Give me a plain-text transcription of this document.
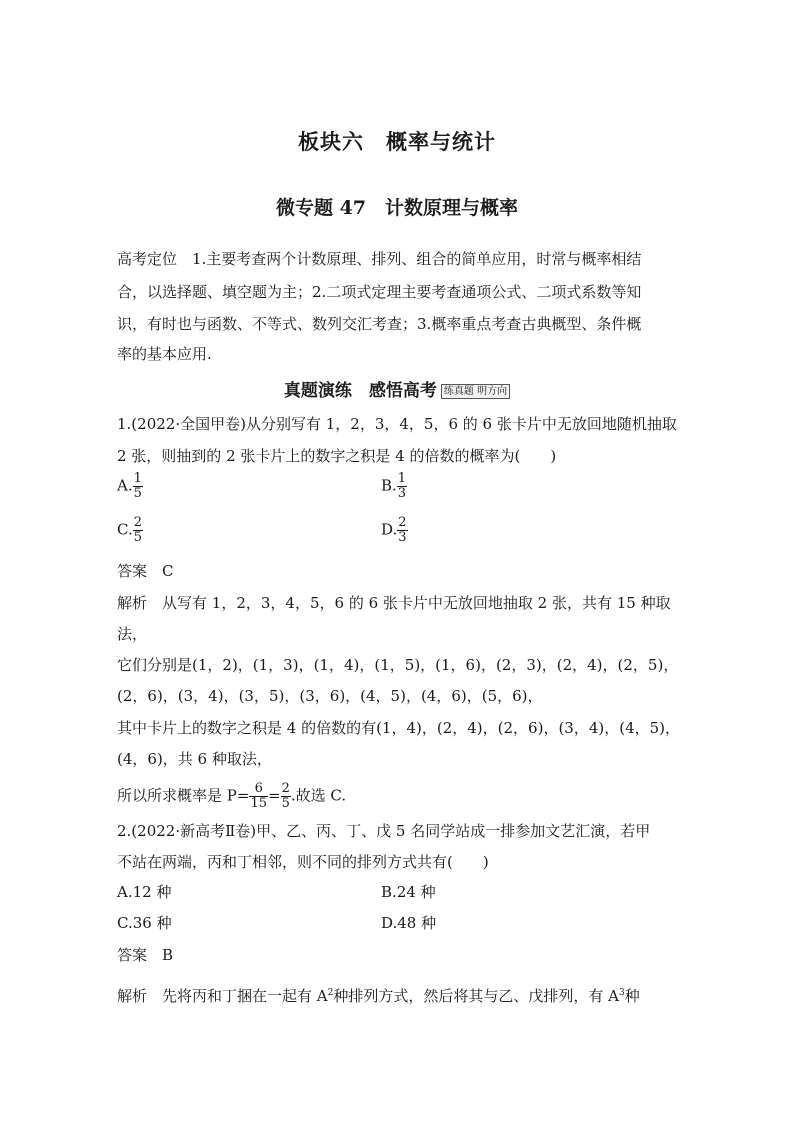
板块六　概率与统计
微专题 47　计数原理与概率
高考定位　1.主要考查两个计数原理、排列、组合的简单应用，时常与概率相结
合，以选择题、填空题为主；2.二项式定理主要考查通项公式、二项式系数等知
识，有时也与函数、不等式、数列交汇考查；3.概率重点考查古典概型、条件概
率的基本应用.
真题演练　感悟高考 练真题 明方向
1.(2022·全国甲卷)从分别写有 1，2，3，4，5，6 的 6 张卡片中无放回地随机抽取
2 张，则抽到的 2 张卡片上的数字之积是 4 的倍数的概率为(　　)
A. $\frac{1}{5}$	B. $\frac{1}{3}$
C. $\frac{2}{5}$	D. $\frac{2}{3}$
答案　 C
解析　 从写有 1，2，3，4，5，6 的 6 张卡片中无放回地抽取 2 张，共有 15 种取
法，
它们分别是(1，2)，(1，3)，(1，4)，(1，5)，(1，6)，(2，3)，(2，4)，(2，5)，
(2，6)，(3，4)，(3，5)，(3，6)，(4，5)，(4，6)，(5，6)，
其中卡片上的数字之积是 4 的倍数的有(1，4)，(2，4)，(2，6)，(3，4)，(4，5)，
(4，6)，共 6 种取法，
所以所求概率是 $P= \frac{6}{15} = \frac{2}{5}$ .故选 C.
2.(2022·新高考Ⅱ卷)甲、乙、丙、丁、戊 5 名同学站成一排参加文艺汇演，若甲
不站在两端，丙和丁相邻，则不同的排列方式共有(　　)
A.12 种	B.24 种
C.36 种	D.48 种
答案　 B
解析　 先将丙和丁捆在一起有 $A^2$种排列方式，然后将其与乙、戊排列，有 $A^3$种
